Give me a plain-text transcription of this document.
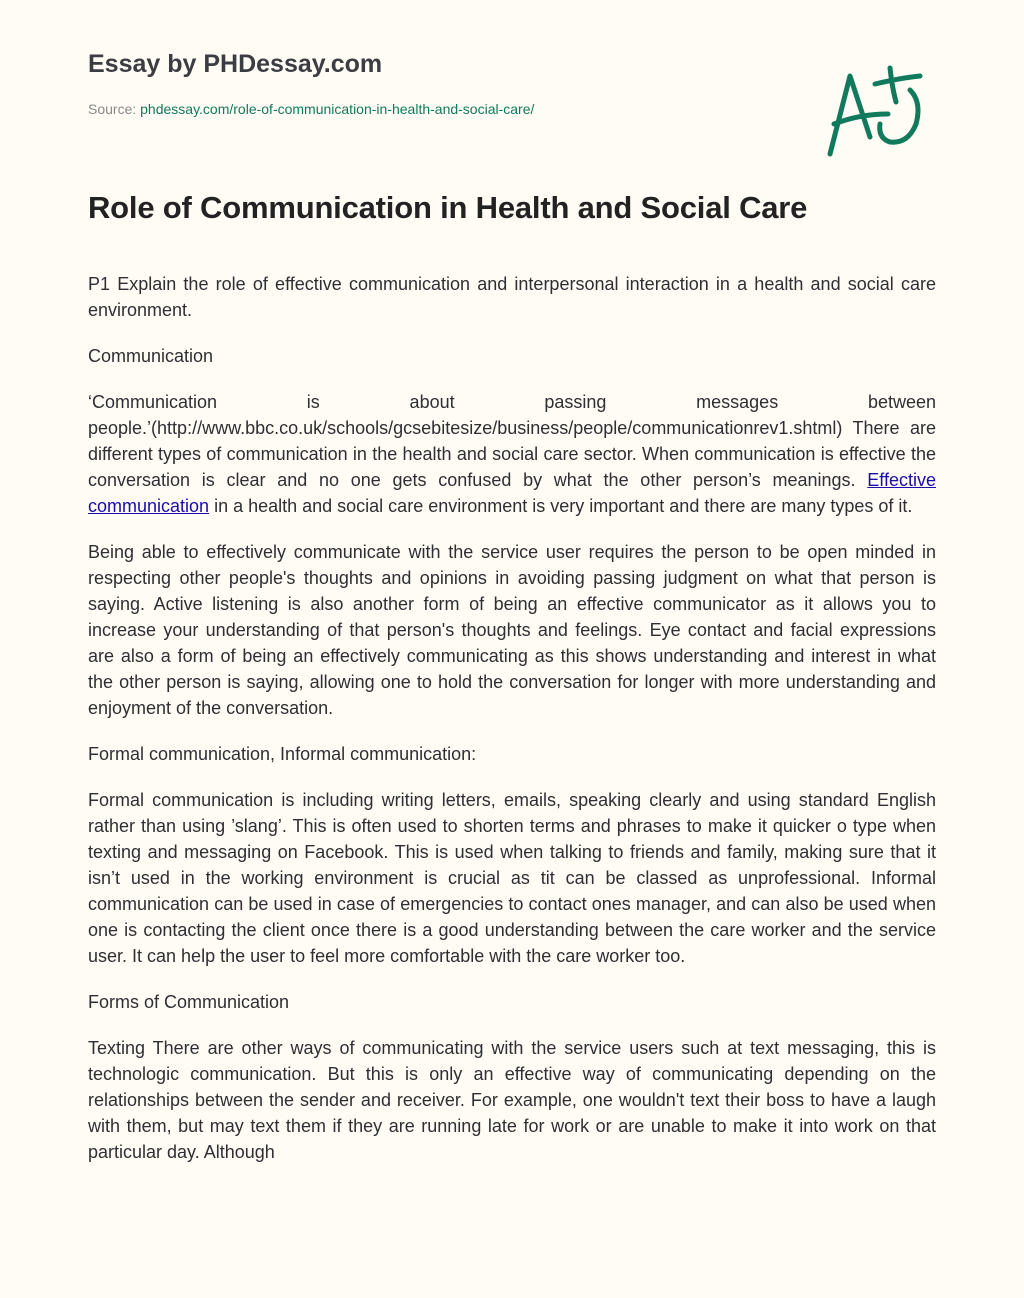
Essay by PHDessay.com
Source: phdessay.com/role-of-communication-in-health-and-social-care/
Role of Communication in Health and Social Care

P1 Explain the role of effective communication and interpersonal interaction in a health and social care environment.

Communication

‘Communication is about passing messages between people.’(http://www.bbc.co.uk/schools/gcsebitesize/business/people/communicationrev1.shtml) There are different types of communication in the health and social care sector. When communication is effective the conversation is clear and no one gets confused by what the other person’s meanings. Effective communication in a health and social care environment is very important and there are many types of it.

Being able to effectively communicate with the service user requires the person to be open minded in respecting other people's thoughts and opinions in avoiding passing judgment on what that person is saying. Active listening is also another form of being an effective communicator as it allows you to increase your understanding of that person's thoughts and feelings. Eye contact and facial expressions are also a form of being an effectively communicating as this shows understanding and interest in what the other person is saying, allowing one to hold the conversation for longer with more understanding and enjoyment of the conversation.

Formal communication, Informal communication:

Formal communication is including writing letters, emails, speaking clearly and using standard English rather than using ’slang’. This is often used to shorten terms and phrases to make it quicker o type when texting and messaging on Facebook. This is used when talking to friends and family, making sure that it isn’t used in the working environment is crucial as tit can be classed as unprofessional. Informal communication can be used in case of emergencies to contact ones manager, and can also be used when one is contacting the client once there is a good understanding between the care worker and the service user. It can help the user to feel more comfortable with the care worker too.

Forms of Communication

Texting There are other ways of communicating with the service users such at text messaging, this is technologic communication. But this is only an effective way of communicating depending on the relationships between the sender and receiver. For example, one wouldn't text their boss to have a laugh with them, but may text them if they are running late for work or are unable to make it into work on that particular day. Although
